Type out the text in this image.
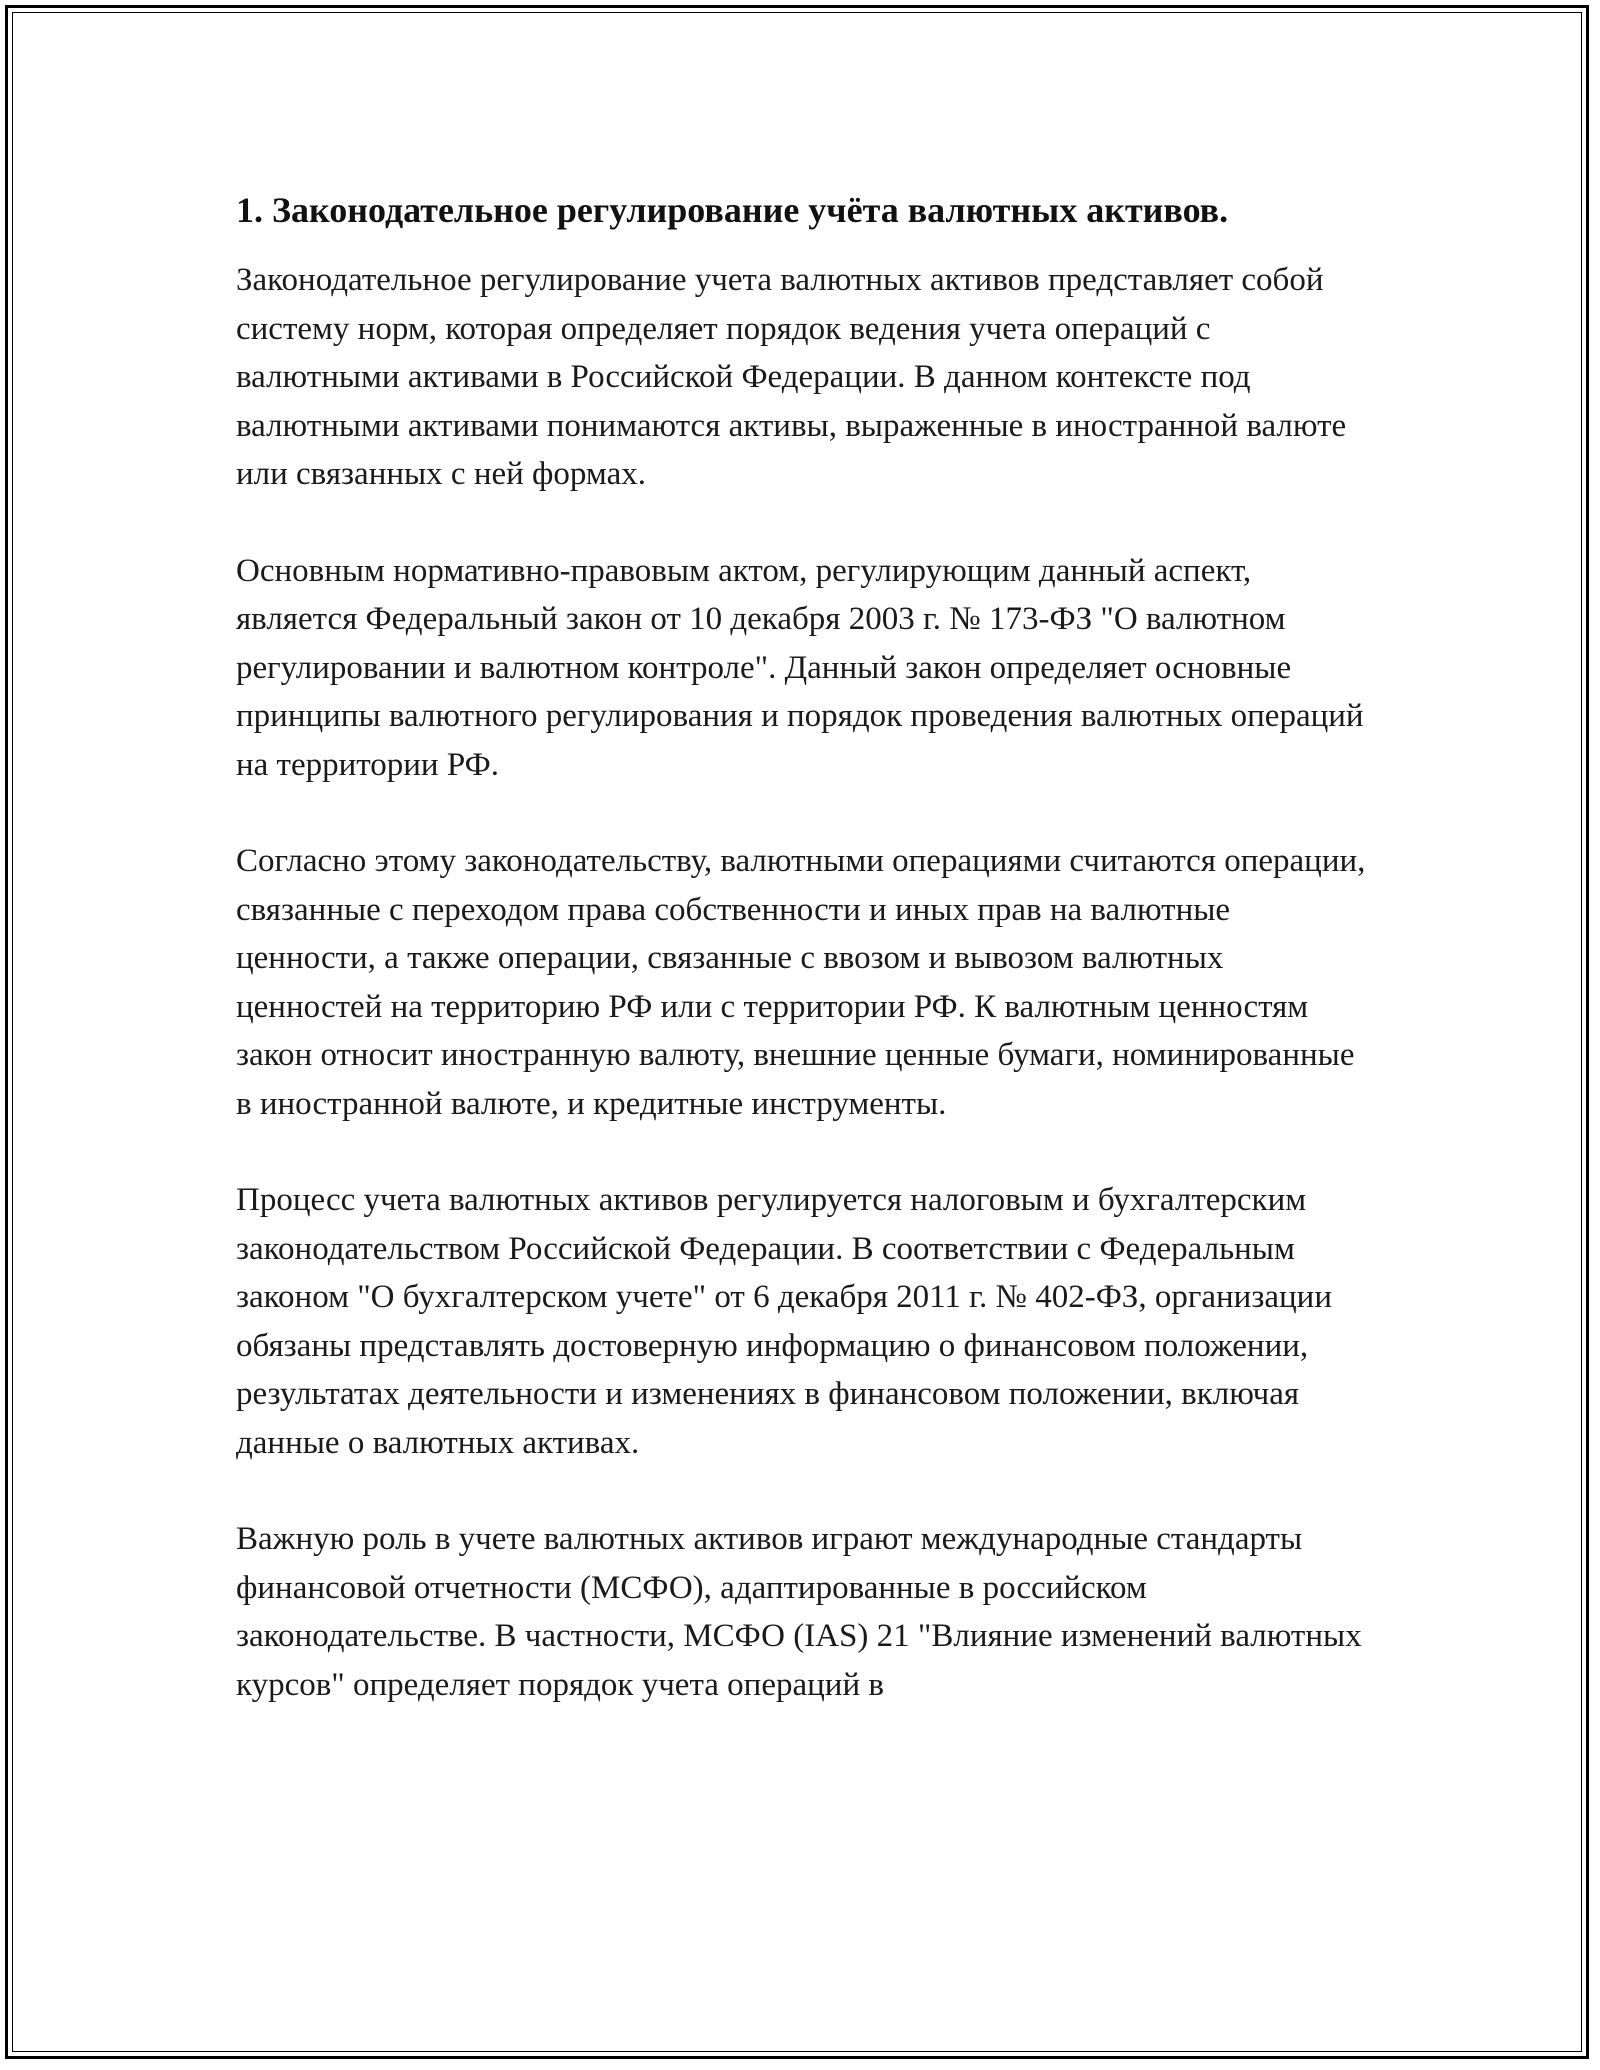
1. Законодательное регулирование учёта валютных активов.

Законодательное регулирование учета валютных активов представляет собой систему норм, которая определяет порядок ведения учета операций с валютными активами в Российской Федерации. В данном контексте под валютными активами понимаются активы, выраженные в иностранной валюте или связанных с ней формах.

Основным нормативно-правовым актом, регулирующим данный аспект, является Федеральный закон от 10 декабря 2003 г. № 173-ФЗ "О валютном регулировании и валютном контроле". Данный закон определяет основные принципы валютного регулирования и порядок проведения валютных операций на территории РФ.

Согласно этому законодательству, валютными операциями считаются операции, связанные с переходом права собственности и иных прав на валютные ценности, а также операции, связанные с ввозом и вывозом валютных ценностей на территорию РФ или с территории РФ. К валютным ценностям закон относит иностранную валюту, внешние ценные бумаги, номинированные в иностранной валюте, и кредитные инструменты.

Процесс учета валютных активов регулируется налоговым и бухгалтерским законодательством Российской Федерации. В соответствии с Федеральным законом "О бухгалтерском учете" от 6 декабря 2011 г. № 402-ФЗ, организации обязаны представлять достоверную информацию о финансовом положении, результатах деятельности и изменениях в финансовом положении, включая данные о валютных активах.

Важную роль в учете валютных активов играют международные стандарты финансовой отчетности (МСФО), адаптированные в российском законодательстве. В частности, МСФО (IAS) 21 "Влияние изменений валютных курсов" определяет порядок учета операций в
